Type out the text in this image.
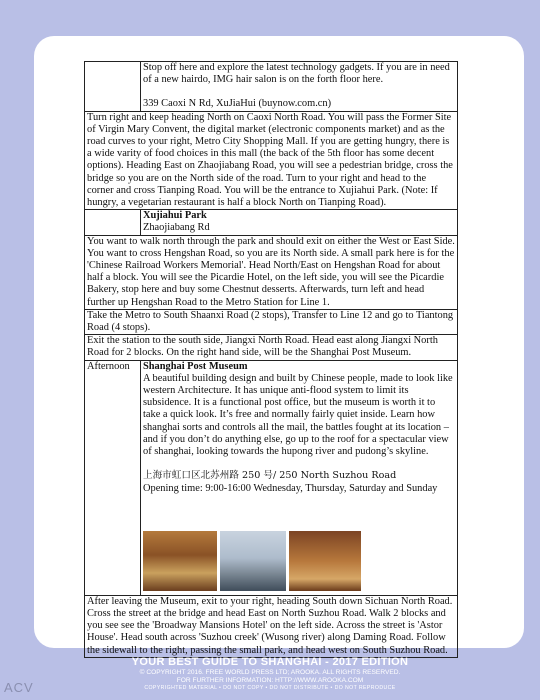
	Stop off here and explore the latest technology gadgets. If you are in need of a new hairdo, IMG hair salon is on the forth floor here.
339 Caoxi N Rd, XuJiaHui (buynow.com.cn)

Turn right and keep heading North on Caoxi North Road. You will pass the Former Site of Virgin Mary Convent, the digital market (electronic components market) and as the road curves to your right, Metro City Shopping Mall. If you are getting hungry, there is a wide varity of food choices in this mall (the back of the 5th floor has some decent options). Heading East on Zhaojiabang Road, you will see a pedestrian bridge, cross the bridge so you are on the North side of the road. Turn to your right and head to the corner and cross Tianping Road. You will be the entrance to Xujiahui Park. (Note: If hungry, a vegetarian restaurant is half a block North on Tianping Road).	

	Xujiahui Park
Zhaojiabang Rd

You want to walk north through the park and should exit on either the West or East Side. You want to cross Hengshan Road, so you are its North side. A small park here is for the 'Chinese Railroad Workers Memorial'. Head North/East on Hengshan Road for about half a block. You will see the Picardie Hotel, on the left side, you will see the Picardie Bakery, stop here and buy some Chestnut desserts. Afterwards, turn left and head further up Hengshan Road to the Metro Station for Line 1.	
Take the Metro to South Shaanxi Road (2 stops), Transfer to Line 12 and go to Tiantong Road (4 stops).	
Exit the station to the south side, Jiangxi North Road. Head east along Jiangxi North Road for 2 blocks. On the right hand side, will be the Shanghai Post Museum.	
Afternoon	Shanghai Post Museum
A beautiful building design and built by Chinese people, made to look like western Architecture. It has unique anti-flood system to limit its subsidence. It is a functional post office, but the museum is worth it to take a quick look. It’s free and normally fairly quiet inside. Learn how shanghai sorts and controls all the mail, the battles fought at its location – and if you don’t do anything else, go up to the roof for a spectacular view of shanghai, looking towards the hupong river and pudong’s skyline.
上海市虹口区北苏州路 250 号/ 250 North Suzhou Road
Opening time: 9:00-16:00 Wednesday, Thursday, Saturday and Sunday

After leaving the Museum, exit to your right, heading South down Sichuan North Road. Cross the street at the bridge and head East on North Suzhou Road. Walk 2 blocks and you see see the 'Broadway Mansions Hotel' on the left side. Across the street is 'Astor House'. Head south across 'Suzhou creek' (Wusong river) along Daming Road. Follow the sidewall to the right, passing the small park, and head west on South Suzhou Road.	
YOUR BEST GUIDE TO SHANGHAI - 2017 EDITION
© COPYRIGHT 2016. FREE WORLD PRESS LTD; AROOKA. ALL RIGHTS RESERVED.
FOR FURTHER INFORMATION: HTTP://WWW.AROOKA.COM
COPYRIGHTED MATERIAL • DO NOT COPY • DO NOT DISTRIBUTE • DO NOT REPRODUCE
ACV
